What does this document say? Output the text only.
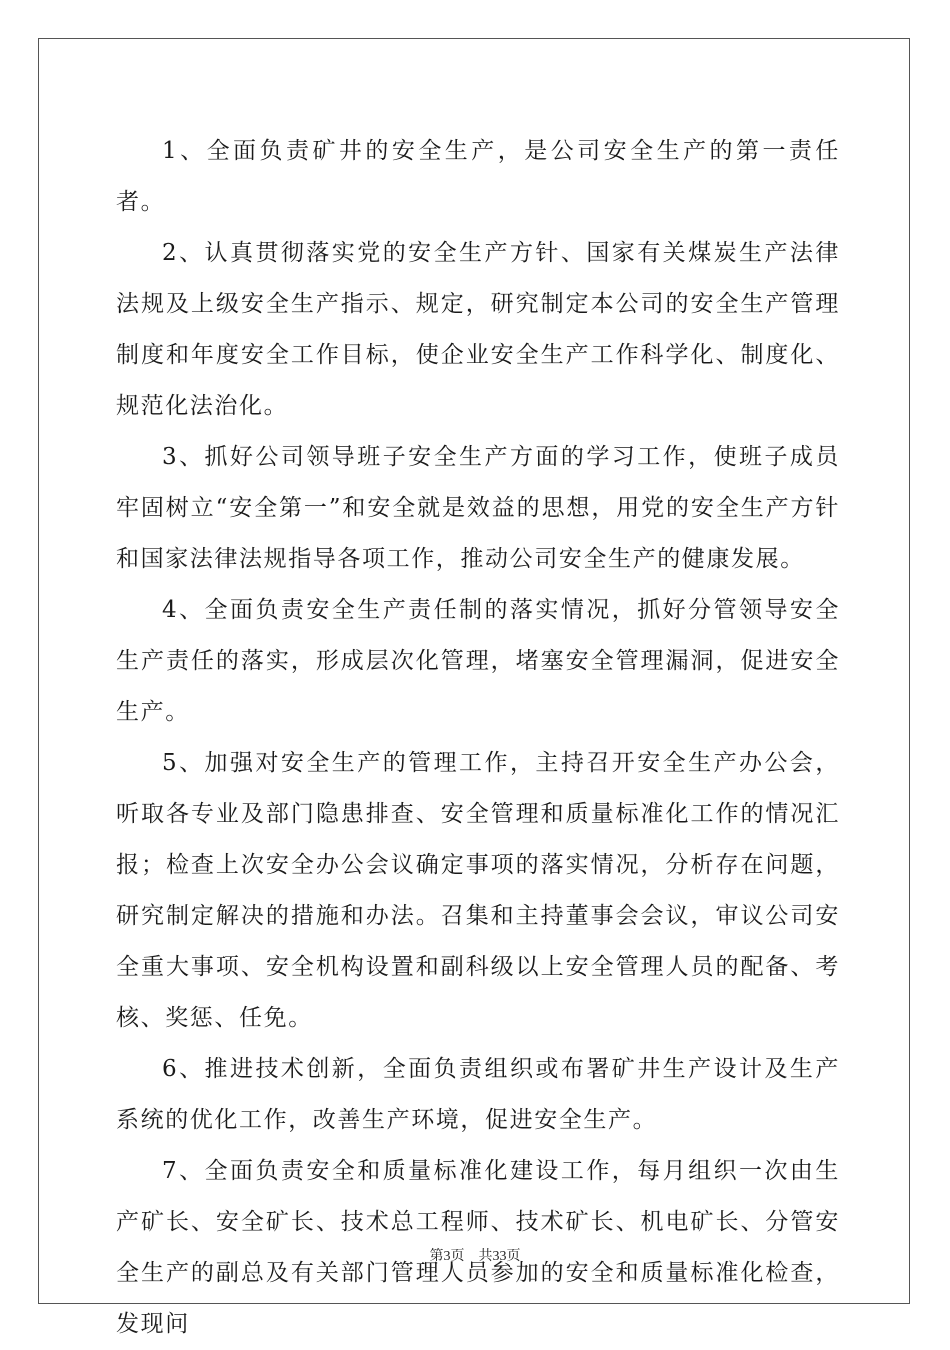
1、全面负责矿井的安全生产，是公司安全生产的第一责任者。

2、认真贯彻落实党的安全生产方针、国家有关煤炭生产法律法规及上级安全生产指示、规定，研究制定本公司的安全生产管理制度和年度安全工作目标，使企业安全生产工作科学化、制度化、规范化法治化。

3、抓好公司领导班子安全生产方面的学习工作，使班子成员牢固树立“安全第一”和安全就是效益的思想，用党的安全生产方针和国家法律法规指导各项工作，推动公司安全生产的健康发展。

4、全面负责安全生产责任制的落实情况，抓好分管领导安全生产责任的落实，形成层次化管理，堵塞安全管理漏洞，促进安全生产。

5、加强对安全生产的管理工作，主持召开安全生产办公会，听取各专业及部门隐患排查、安全管理和质量标准化工作的情况汇报；检查上次安全办公会议确定事项的落实情况，分析存在问题，研究制定解决的措施和办法。召集和主持董事会会议，审议公司安全重大事项、安全机构设置和副科级以上安全管理人员的配备、考核、奖惩、任免。

6、推进技术创新，全面负责组织或布署矿井生产设计及生产系统的优化工作，改善生产环境，促进安全生产。

7、全面负责安全和质量标准化建设工作，每月组织一次由生产矿长、安全矿长、技术总工程师、技术矿长、机电矿长、分管安全生产的副总及有关部门管理人员参加的安全和质量标准化检查，发现问

第3页 共33页
